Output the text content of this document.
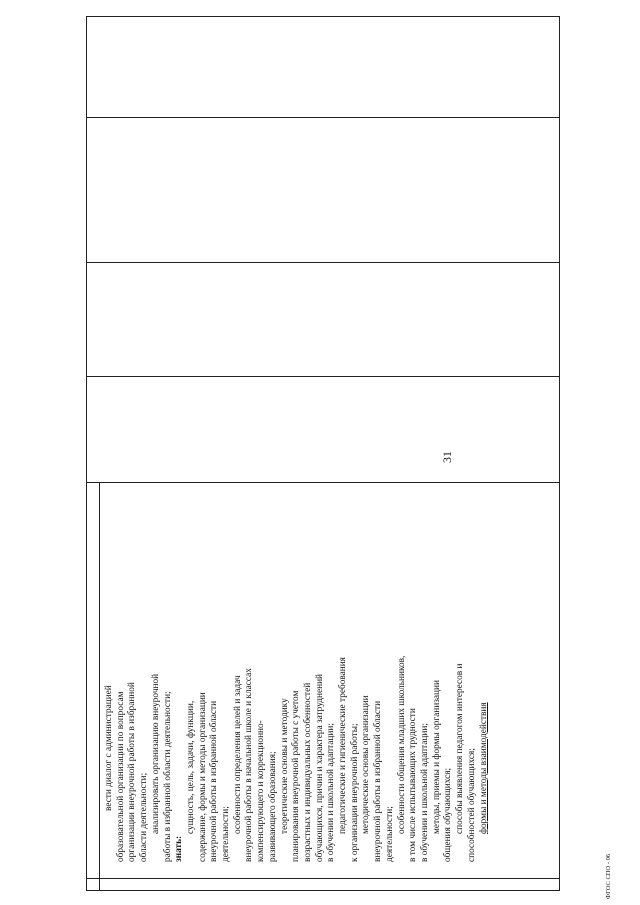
вести диалог с администрацией образовательной организации по вопросам организации внеурочной работы в избранной области деятельности; анализировать организацию внеурочной работы в избранной области деятельности; знать:
сущность, цель, задачи, функции, содержание, формы и методы организации внеурочной работы в избранной области деятельности;
особенности определения целей и задач внеурочной работы в начальной школе и классах компенсирующего и коррекционно- развивающего образования; теоретические основы и методику планирования внеурочной работы с учетом возрастных и индивидуальных особенностей обучающихся, причин и характера затруднений в обучении и школьной адаптации; педагогические и гигиенические требования к организации внеурочной работы; методические основы организации внеурочной работы в избранной области деятельности;
особенности общения младших школьников, в том числе испытывающих трудности в обучении и школьной адаптации; методы, приемы и формы организации общения обучающихся; способы выявления педагогом интересов и способностей обучающихся; формы и методы взаимодействия
31
ФГОС СПО - 06
